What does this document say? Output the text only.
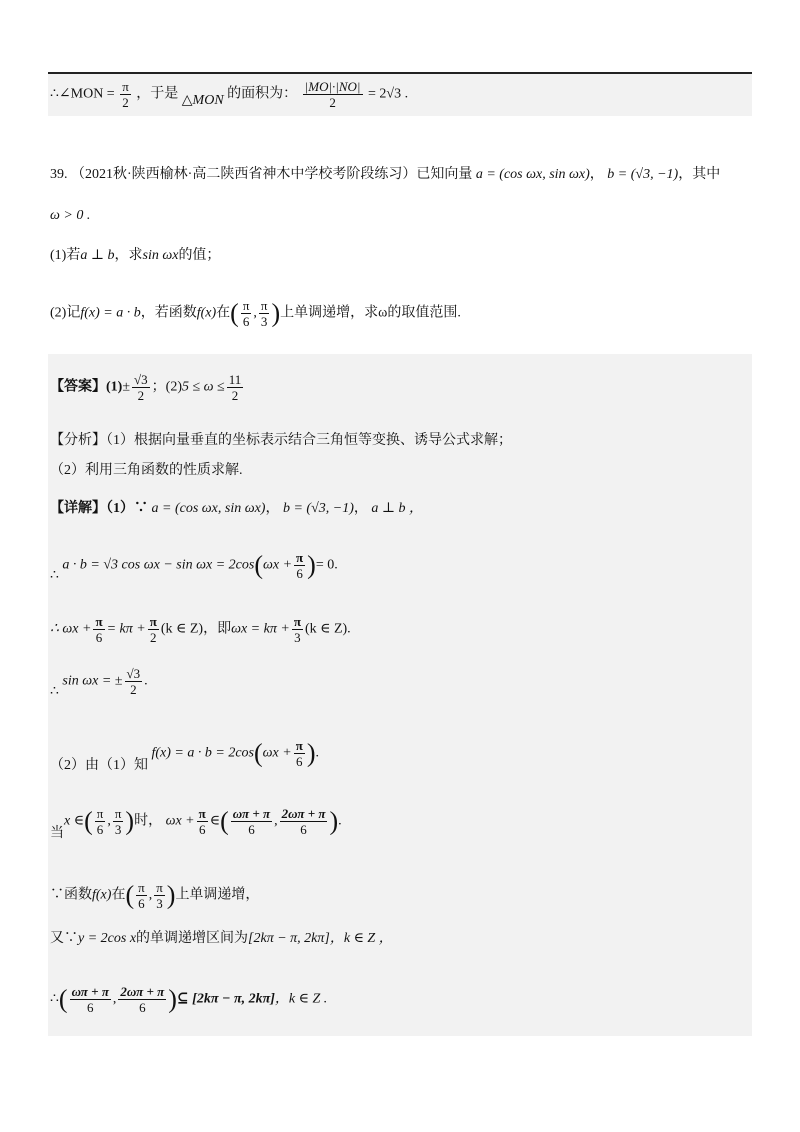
∴∠MON = $\frac{\pi}{2}$ ，于是 △MON 的面积为： $\frac{|MO|\cdot|NO|}{2} = 2√3$ .
39. （2021秋·陕西榆林·高二陕西省神木中学校考阶段练习）已知向量 a = (cos ωx, sin ωx)， b = (√3, −1)，其中
ω > 0 .
(1)若a ⊥ b，求sin ωx的值；
(2)记f(x) = a · b，若函数f(x)在( $\frac{\pi}{6}$ , $\frac{\pi}{3}$ )上单调递增，求ω的取值范围.
【答案】$(1)\pm \frac{√3}{2}$ ；$(2)5 \le \omega \le \frac{11}{2}$
【分析】（1）根据向量垂直的坐标表示结合三角恒等变换、诱导公式求解；
（2）利用三角函数的性质求解.
【详解】（1）∵ a = (cos ωx, sin ωx)， b = (√3, −1)， a ⊥ b ，
∴ a · b = √3 $\cos \omega x - \sin \omega x = 2\cos(\omega x + \frac{\pi}{6}$ )= 0.
∴ $\omega x + \frac{\pi}{6} = k\pi + \frac{\pi}{2} (k$ ∈ Z)，即$\omega x = k\pi + \frac{\pi}{3} (k$ ∈ Z).
∴ sin ωx = ± $\frac{√3}{2}$ .
（2）由（1）知 $f(x) = a \cdot b = 2\cos(\omega x + \frac{\pi}{6}$ ).
当x ∈( $\frac{\pi}{6}$ , $\frac{\pi}{3}$ )时， $\omega x + \frac{\pi}{6}$ ∈( $\frac{\omega\pi + \pi}{6}$ , $\frac{2\omega\pi + \pi}{6}$ ).
∵函数f(x)在( $\frac{\pi}{6}$ , $\frac{\pi}{3}$ )上单调递增，
又∵y = 2cos x的单调递增区间为[2kπ − π, 2kπ]，k ∈ Z ，
∴( $\frac{\omega\pi + \pi}{6}$ , $\frac{2\omega\pi + \pi}{6}$ )⊆ [2kπ − π, 2kπ]，k ∈ Z .
